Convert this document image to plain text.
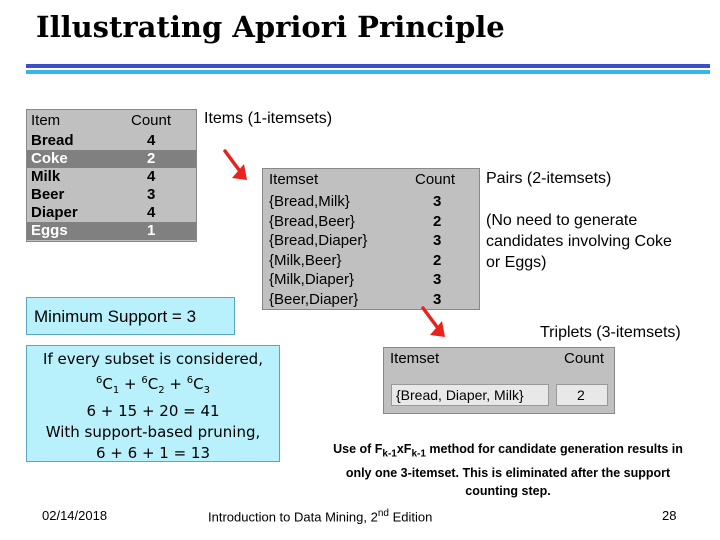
Illustrating Apriori Principle
Item	Count
Bread	4
Coke	2
Milk	4
Beer	3
Diaper	4
Eggs	1
Items (1-itemsets)
Itemset	Count
{Bread,Milk}	3
{Bread,Beer}	2
{Bread,Diaper}	3
{Milk,Beer}	2
{Milk,Diaper}	3
{Beer,Diaper}	3
Pairs (2-itemsets)
(No need to generate
candidates involving Coke
or Eggs)
Minimum Support = 3
Triplets (3-itemsets)
Itemset	Count
{Bread, Diaper, Milk}	2
If every subset is considered,
$^6C_1 + ^6C_2 + ^6C_3$
6 + 15 + 20 = 41
With support-based pruning,
6 + 6 + 1 = 13	Use of $F_{k-1}xF_{k-1}$ method for candidate generation results in
only one 3-itemset. This is eliminated after the support
counting step.
02/14/2018	Introduction to Data Mining, 2nd Edition	28
